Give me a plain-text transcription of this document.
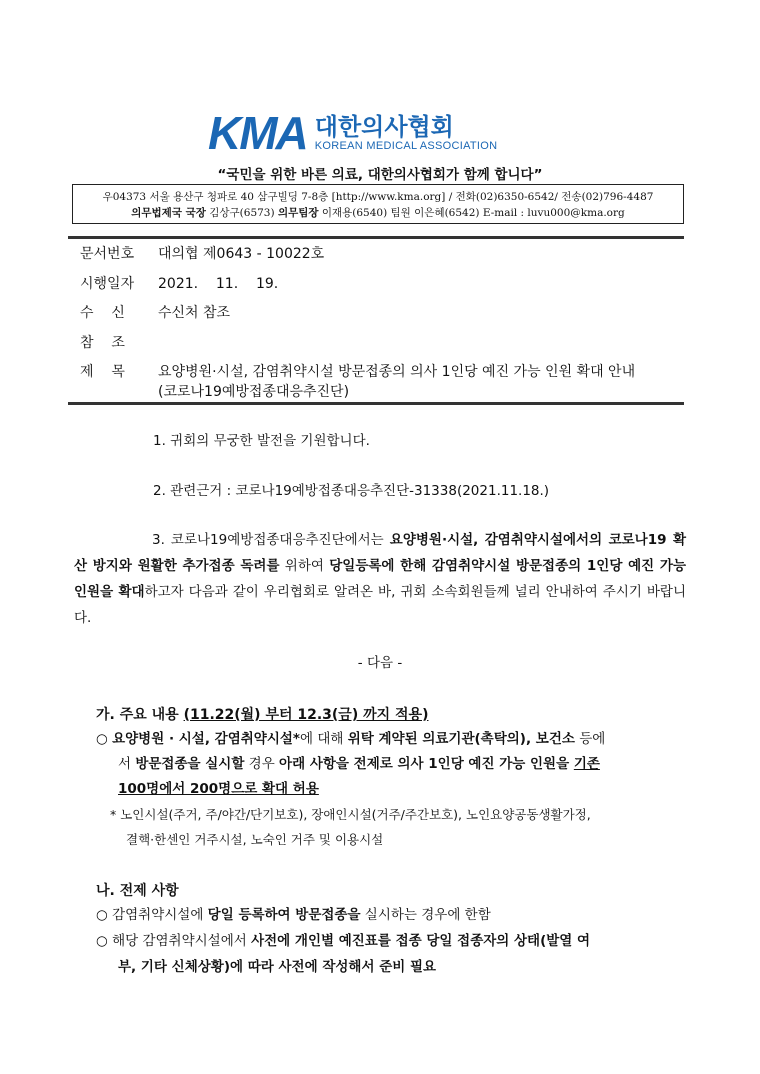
KMA 대한의사협회
KOREAN MEDICAL ASSOCIATION
“국민을 위한 바른 의료, 대한의사협회가 함께 합니다”
우04373 서울 용산구 청파로 40 삼구빌딩 7-8층 [http://www.kma.org] / 전화(02)6350-6542/ 전송(02)796-4487
의무법제국 국장 김상구(6573) 의무팀장 이재용(6540) 팀원 이은혜(6542) E-mail : luvu000@kma.org
문서번호 대의협 제0643 - 10022호
시행일자 2021.    11.    19.
수    신 수신처 참조
참    조
제    목 요양병원·시설, 감염취약시설 방문접종의 의사 1인당 예진 가능 인원 확대 안내
(코로나19예방접종대응추진단)
1. 귀회의 무궁한 발전을 기원합니다.
2. 관련근거 : 코로나19예방접종대응추진단-31338(2021.11.18.)
3. 코로나19예방접종대응추진단에서는 요양병원·시설, 감염취약시설에서의 코로나19 확산 방지와 원활한 추가접종 독려를 위하여 당일등록에 한해 감염취약시설 방문접종의 1인당 예진 가능인원을 확대하고자 다음과 같이 우리협회로 알려온 바, 귀회 소속회원들께 널리 안내하여 주시기 바랍니다.
- 다음 -
가. 주요 내용 (11.22(월) 부터 12.3(금) 까지 적용)
○ 요양병원 · 시설, 감염취약시설*에 대해 위탁 계약된 의료기관(촉탁의), 보건소 등에
서 방문접종을 실시할 경우 아래 사항을 전제로 의사 1인당 예진 가능 인원을 기존
100명에서 200명으로 확대 허용
* 노인시설(주거, 주/야간/단기보호), 장애인시설(거주/주간보호), 노인요양공동생활가정,
결핵·한센인 거주시설, 노숙인 거주 및 이용시설
나. 전제 사항
○ 감염취약시설에 당일 등록하여 방문접종을 실시하는 경우에 한함
○ 해당 감염취약시설에서 사전에 개인별 예진표를 접종 당일 접종자의 상태(발열 여
부, 기타 신체상황)에 따라 사전에 작성해서 준비 필요
